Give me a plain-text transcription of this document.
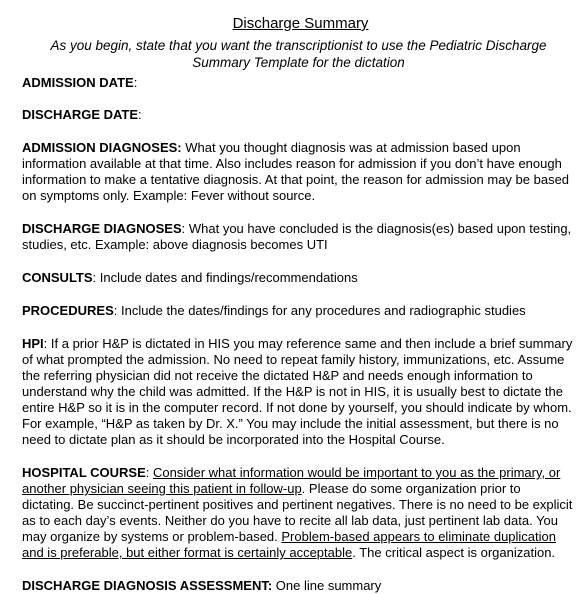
Discharge Summary
As you begin, state that you want the transcriptionist to use the Pediatric Discharge Summary Template for the dictation
ADMISSION DATE:
DISCHARGE DATE:
ADMISSION DIAGNOSES: What you thought diagnosis was at admission based upon information available at that time. Also includes reason for admission if you don’t have enough information to make a tentative diagnosis. At that point, the reason for admission may be based on symptoms only. Example: Fever without source.
DISCHARGE DIAGNOSES: What you have concluded is the diagnosis(es) based upon testing, studies, etc. Example: above diagnosis becomes UTI
CONSULTS: Include dates and findings/recommendations
PROCEDURES: Include the dates/findings for any procedures and radiographic studies
HPI: If a prior H&P is dictated in HIS you may reference same and then include a brief summary of what prompted the admission. No need to repeat family history, immunizations, etc. Assume the referring physician did not receive the dictated H&P and needs enough information to understand why the child was admitted. If the H&P is not in HIS, it is usually best to dictate the entire H&P so it is in the computer record. If not done by yourself, you should indicate by whom. For example, “H&P as taken by Dr. X.” You may include the initial assessment, but there is no need to dictate plan as it should be incorporated into the Hospital Course.
HOSPITAL COURSE: Consider what information would be important to you as the primary, or another physician seeing this patient in follow-up. Please do some organization prior to dictating. Be succinct-pertinent positives and pertinent negatives. There is no need to be explicit as to each day’s events. Neither do you have to recite all lab data, just pertinent lab data. You may organize by systems or problem-based. Problem-based appears to eliminate duplication and is preferable, but either format is certainly acceptable. The critical aspect is organization.
DISCHARGE DIAGNOSIS ASSESSMENT: One line summary
